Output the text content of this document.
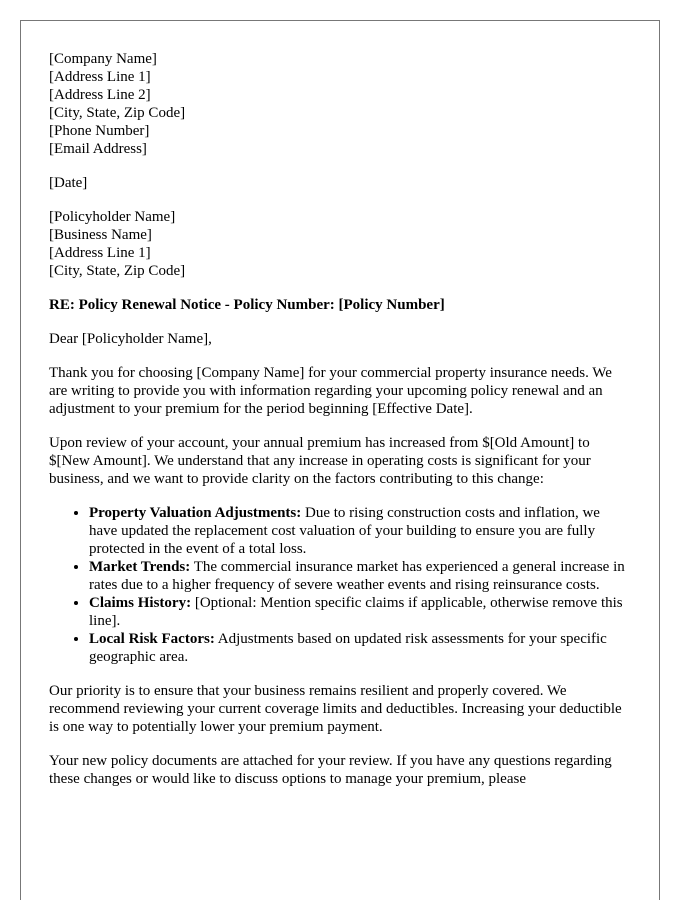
[Company Name]
[Address Line 1]
[Address Line 2]
[City, State, Zip Code]
[Phone Number]
[Email Address]
[Date]
[Policyholder Name]
[Business Name]
[Address Line 1]
[City, State, Zip Code]

RE: Policy Renewal Notice - Policy Number: [Policy Number]

Dear [Policyholder Name],

Thank you for choosing [Company Name] for your commercial property insurance needs. We are writing to provide you with information regarding your upcoming policy renewal and an adjustment to your premium for the period beginning [Effective Date].

Upon review of your account, your annual premium has increased from $[Old Amount] to $[New Amount]. We understand that any increase in operating costs is significant for your business, and we want to provide clarity on the factors contributing to this change:

• Property Valuation Adjustments: Due to rising construction costs and inflation, we have updated the replacement cost valuation of your building to ensure you are fully protected in the event of a total loss.
• Market Trends: The commercial insurance market has experienced a general increase in rates due to a higher frequency of severe weather events and rising reinsurance costs.
• Claims History: [Optional: Mention specific claims if applicable, otherwise remove this line].
• Local Risk Factors: Adjustments based on updated risk assessments for your specific geographic area.

Our priority is to ensure that your business remains resilient and properly covered. We recommend reviewing your current coverage limits and deductibles. Increasing your deductible is one way to potentially lower your premium payment.

Your new policy documents are attached for your review. If you have any questions regarding these changes or would like to discuss options to manage your premium, please
